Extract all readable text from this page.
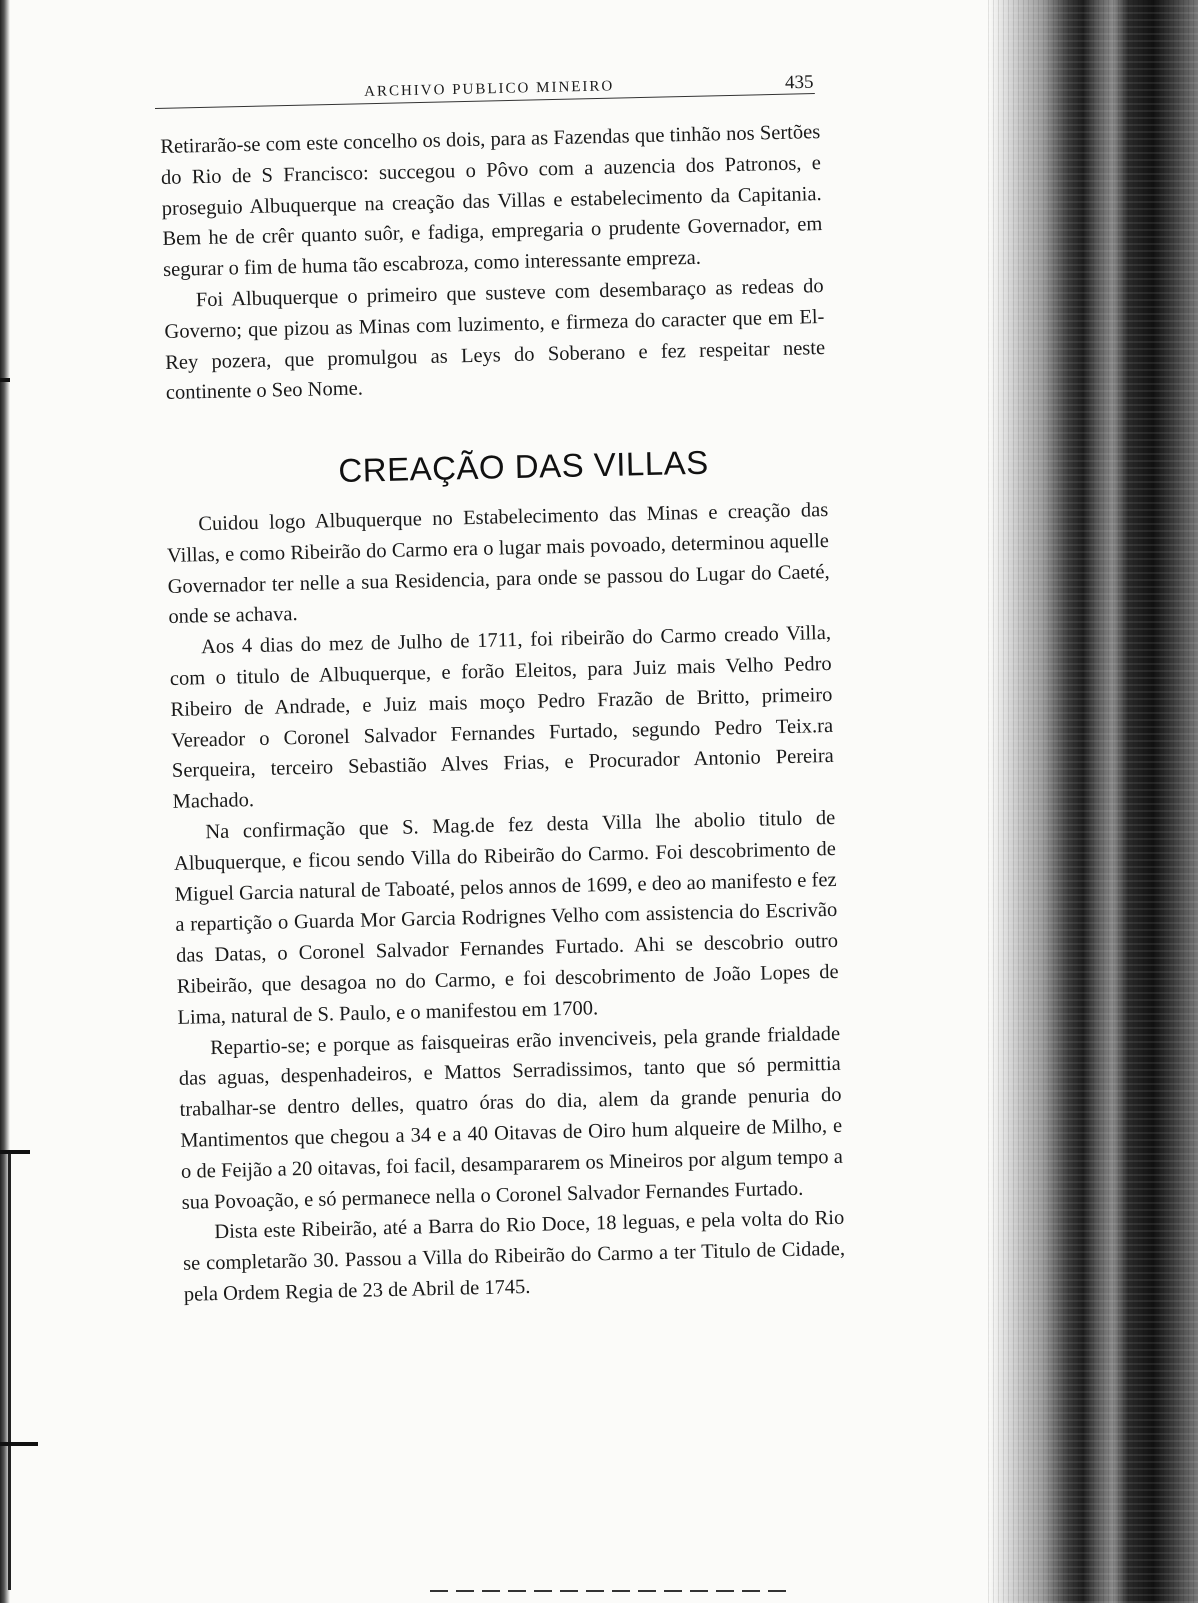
ARCHIVO PUBLICO MINEIRO	435

Retirarão-se com este concelho os dois, para as Fazendas que tinhão nos Sertões do Rio de S Francisco: succegou o Pôvo com a auzencia dos Patronos, e proseguio Albuquerque na creação das Villas e estabelecimento da Capitania. Bem he de crêr quanto suôr, e fadiga, empregaria o prudente Governador, em segurar o fim de huma tão escabroza, como interessante empreza.

Foi Albuquerque o primeiro que susteve com desembaraço as redeas do Governo; que pizou as Minas com luzimento, e firmeza do caracter que em El-Rey pozera, que promulgou as Leys do Soberano e fez respeitar neste continente o Seo Nome.

CREAÇÃO DAS VILLAS

Cuidou logo Albuquerque no Estabelecimento das Minas e creação das Villas, e como Ribeirão do Carmo era o lugar mais povoado, determinou aquelle Governador ter nelle a sua Residencia, para onde se passou do Lugar do Caeté, onde se achava.

Aos 4 dias do mez de Julho de 1711, foi ribeirão do Carmo creado Villa, com o titulo de Albuquerque, e forão Eleitos, para Juiz mais Velho Pedro Ribeiro de Andrade, e Juiz mais moço Pedro Frazão de Britto, primeiro Vereador o Coronel Salvador Fernandes Furtado, segundo Pedro Teix.ra Serqueira, terceiro Sebastião Alves Frias, e Procurador Antonio Pereira Machado.

Na confirmação que S. Mag.de fez desta Villa lhe abolio titulo de Albuquerque, e ficou sendo Villa do Ribeirão do Carmo. Foi descobrimento de Miguel Garcia natural de Taboaté, pelos annos de 1699, e deo ao manifesto e fez a repartição o Guarda Mor Garcia Rodrignes Velho com assistencia do Escrivão das Datas, o Coronel Salvador Fernandes Furtado. Ahi se descobrio outro Ribeirão, que desagoa no do Carmo, e foi descobrimento de João Lopes de Lima, natural de S. Paulo, e o manifestou em 1700.

Repartio-se; e porque as faisqueiras erão invenciveis, pela grande frialdade das aguas, despenhadeiros, e Mattos Serradissimos, tanto que só permittia trabalhar-se dentro delles, quatro óras do dia, alem da grande penuria do Mantimentos que chegou a 34 e a 40 Oitavas de Oiro hum alqueire de Milho, e o de Feijão a 20 oitavas, foi facil, desampararem os Mineiros por algum tempo a sua Povoação, e só permanece nella o Coronel Salvador Fernandes Furtado.

Dista este Ribeirão, até a Barra do Rio Doce, 18 leguas, e pela volta do Rio se completarão 30. Passou a Villa do Ribeirão do Carmo a ter Titulo de Cidade, pela Ordem Regia de 23 de Abril de 1745.
